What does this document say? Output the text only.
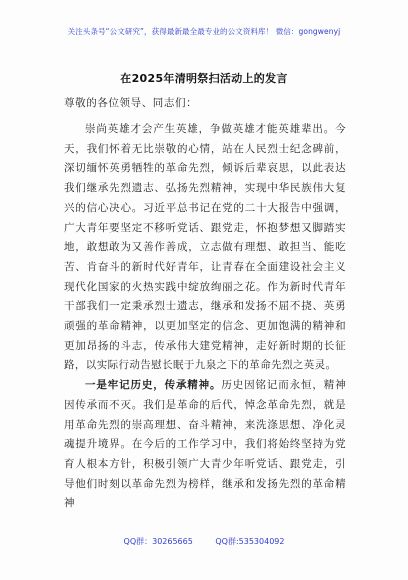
关注头条号“公文研究”，获得最新最全最专业的公文资料库！ 微信：gongwenyj
在2025年清明祭扫活动上的发言
尊敬的各位领导、同志们：

崇尚英雄才会产生英雄，争做英雄才能英雄辈出。今天，我们怀着无比崇敬的心情，站在人民烈士纪念碑前，深切缅怀英勇牺牲的革命先烈，倾诉后辈哀思，以此表达我们继承先烈遗志、弘扬先烈精神，实现中华民族伟大复兴的信心决心。习近平总书记在党的二十大报告中强调，广大青年要坚定不移听党话、跟党走，怀抱梦想又脚踏实地，敢想敢为又善作善成，立志做有理想、敢担当、能吃苦、肯奋斗的新时代好青年，让青春在全面建设社会主义现代化国家的火热实践中绽放绚丽之花。作为新时代青年干部我们一定秉承烈士遗志，继承和发扬不屈不挠、英勇顽强的革命精神，以更加坚定的信念、更加饱满的精神和更加昂扬的斗志，传承伟大建党精神，走好新时期的长征路，以实际行动告慰长眠于九泉之下的革命先烈之英灵。

一是牢记历史，传承精神。历史因铭记而永恒，精神因传承而不灭。我们是革命的后代，悼念革命先烈，就是用革命先烈的崇高理想、奋斗精神，来洗涤思想、净化灵魂提升境界。在今后的工作学习中，我们将始终坚持为党育人根本方针，积极引领广大青少年听党话、跟党走，引导他们时刻以革命先烈为榜样，继承和发扬先烈的革命精神

QQ群：30265665	QQ群:535304092
